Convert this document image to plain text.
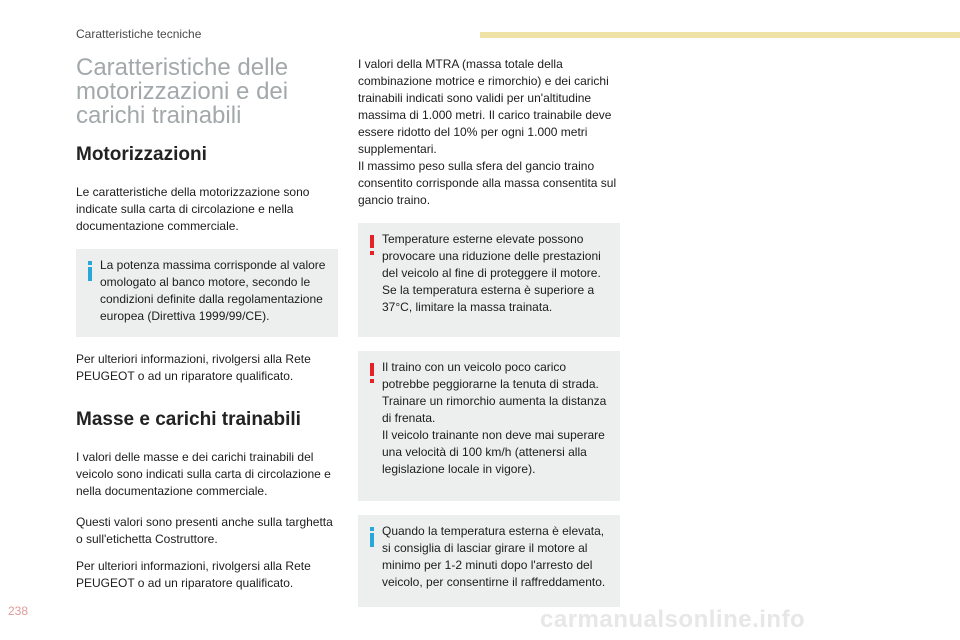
Caratteristiche tecniche
Caratteristiche delle motorizzazioni e dei carichi trainabili
Motorizzazioni

Le caratteristiche della motorizzazione sono indicate sulla carta di circolazione e nella documentazione commerciale.

La potenza massima corrisponde al valore omologato al banco motore, secondo le condizioni definite dalla regolamentazione europea (Direttiva 1999/99/CE).

Per ulteriori informazioni, rivolgersi alla Rete PEUGEOT o ad un riparatore qualificato.

Masse e carichi trainabili

I valori delle masse e dei carichi trainabili del veicolo sono indicati sulla carta di circolazione e nella documentazione commerciale.

Questi valori sono presenti anche sulla targhetta o sull'etichetta Costruttore.

Per ulteriori informazioni, rivolgersi alla Rete PEUGEOT o ad un riparatore qualificato.

I valori della MTRA (massa totale della combinazione motrice e rimorchio) e dei carichi trainabili indicati sono validi per un'altitudine massima di 1.000 metri. Il carico trainabile deve essere ridotto del 10% per ogni 1.000 metri supplementari.

Il massimo peso sulla sfera del gancio traino consentito corrisponde alla massa consentita sul gancio traino.

Temperature esterne elevate possono provocare una riduzione delle prestazioni del veicolo al fine di proteggere il motore. Se la temperatura esterna è superiore a 37°C, limitare la massa trainata.
Il traino con un veicolo poco carico potrebbe peggiorarne la tenuta di strada. Trainare un rimorchio aumenta la distanza di frenata.
Il veicolo trainante non deve mai superare una velocità di 100 km/h (attenersi alla legislazione locale in vigore).
Quando la temperatura esterna è elevata, si consiglia di lasciar girare il motore al minimo per 1-2 minuti dopo l'arresto del veicolo, per consentirne il raffreddamento.
238	carmanualsonline.info
